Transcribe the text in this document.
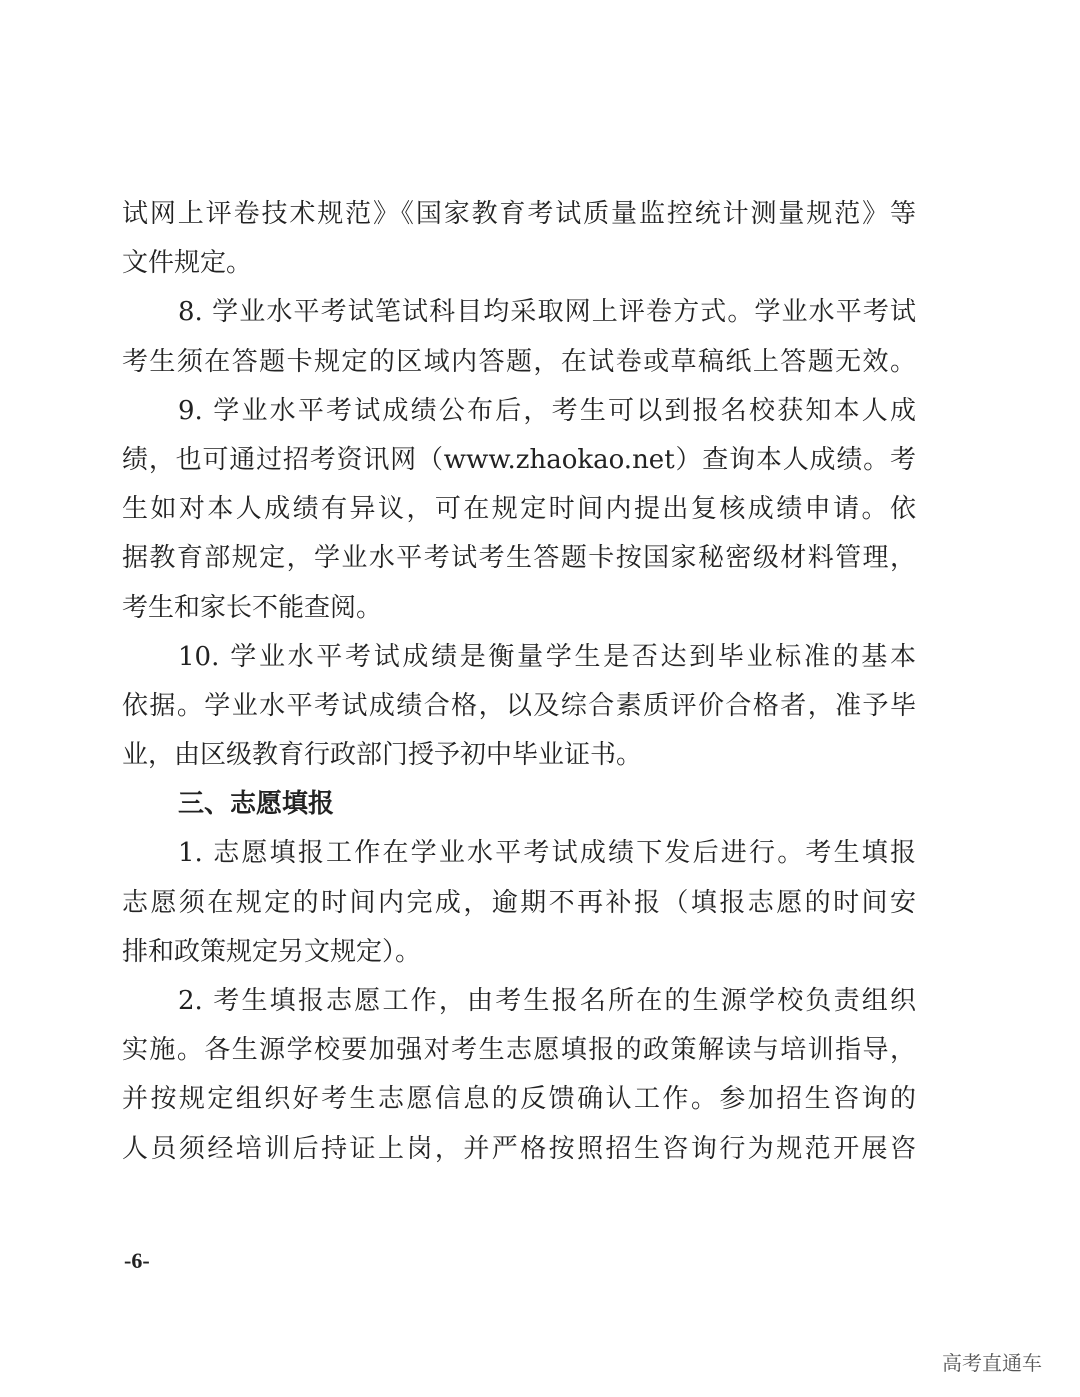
试网上评卷技术规范》《国家教育考试质量监控统计测量规范》等
文件规定。
8. 学业水平考试笔试科目均采取网上评卷方式。学业水平考试
考生须在答题卡规定的区域内答题，在试卷或草稿纸上答题无效。
9. 学业水平考试成绩公布后，考生可以到报名校获知本人成
绩，也可通过招考资讯网（www.zhaokao.net）查询本人成绩。考
生如对本人成绩有异议，可在规定时间内提出复核成绩申请。依
据教育部规定，学业水平考试考生答题卡按国家秘密级材料管理，
考生和家长不能查阅。
10. 学业水平考试成绩是衡量学生是否达到毕业标准的基本
依据。学业水平考试成绩合格，以及综合素质评价合格者，准予毕
业，由区级教育行政部门授予初中毕业证书。
三、志愿填报
1. 志愿填报工作在学业水平考试成绩下发后进行。考生填报
志愿须在规定的时间内完成，逾期不再补报（填报志愿的时间安
排和政策规定另文规定）。
2. 考生填报志愿工作，由考生报名所在的生源学校负责组织
实施。各生源学校要加强对考生志愿填报的政策解读与培训指导，
并按规定组织好考生志愿信息的反馈确认工作。参加招生咨询的
人员须经培训后持证上岗，并严格按照招生咨询行为规范开展咨
-6-
高考直通车
